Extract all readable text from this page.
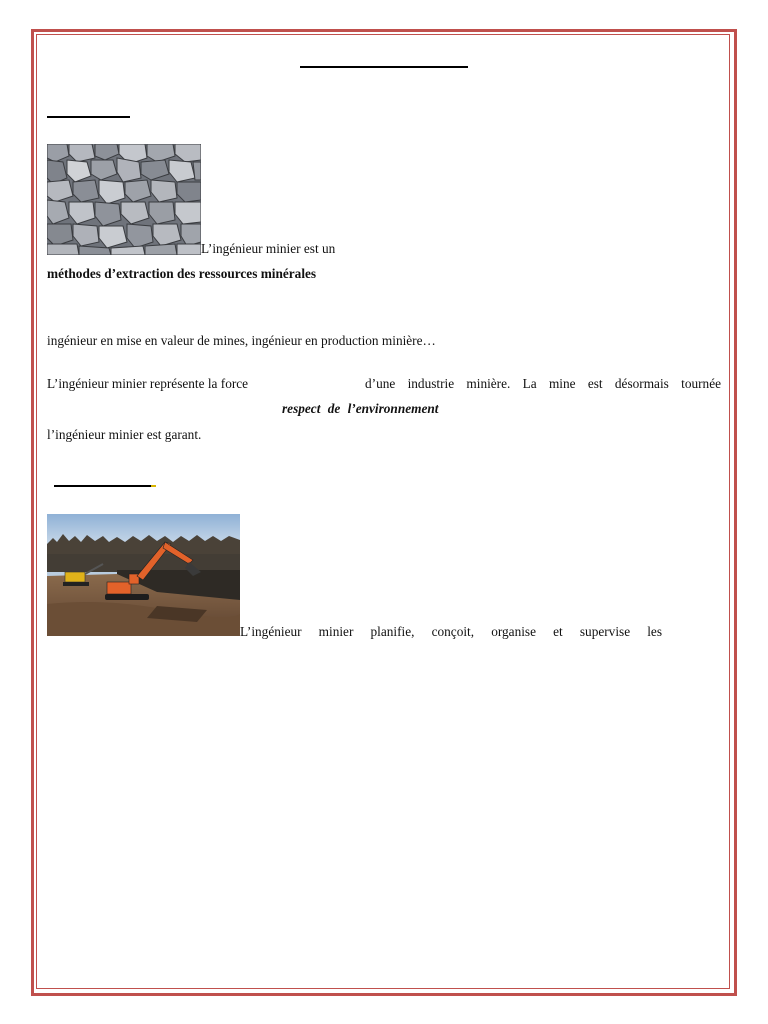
L’ingénieur minier est un
méthodes d’extraction des ressources minérales
ingénieur en mise en valeur de mines, ingénieur en production minière…
L’ingénieur minier représente la force	d’une industrie minière. La mine est désormais tournée
respect de l’environnement
l’ingénieur minier est garant.
L’ingénieur minier planifie, conçoit, organise et supervise les
